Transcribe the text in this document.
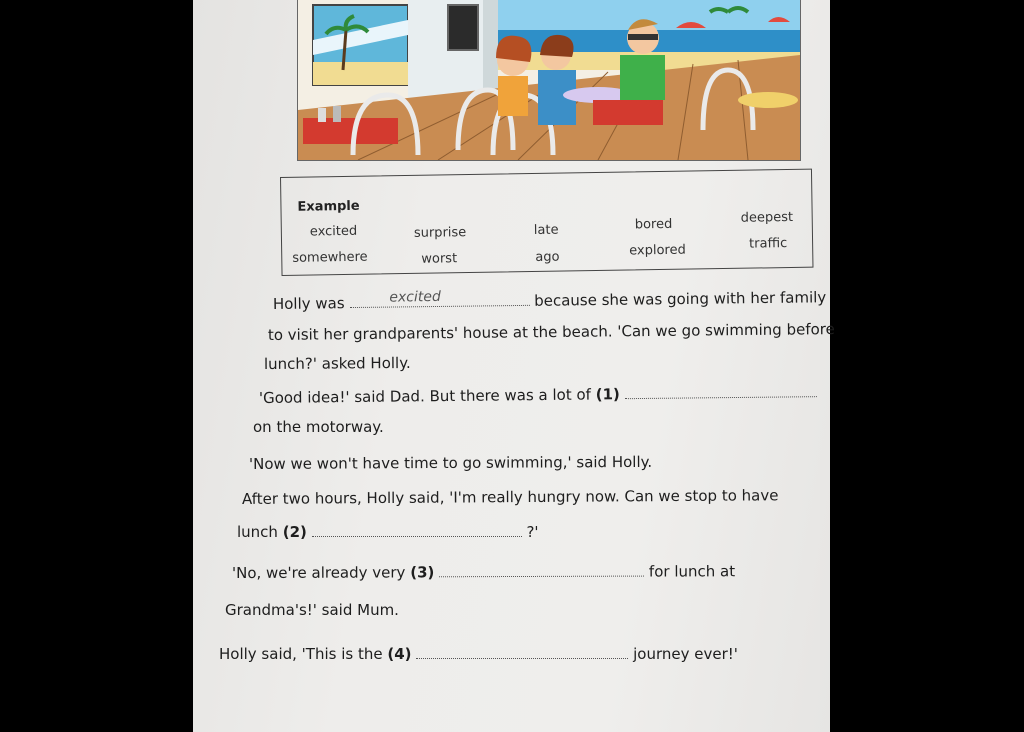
Example
excited	surprise	late	bored	deepest
somewhere	worst	ago	explored	traffic
Holly was	excited	because she was going with her family
to visit her grandparents' house at the beach. 'Can we go swimming before
lunch?' asked Holly.
'Good idea!' said Dad. But there was a lot of (1)
on the motorway.
'Now we won't have time to go swimming,' said Holly.
After two hours, Holly said, 'I'm really hungry now. Can we stop to have
lunch (2)	?'
'No, we're already very (3)	for lunch at
Grandma's!' said Mum.
Holly said, 'This is the (4)	journey ever!'
